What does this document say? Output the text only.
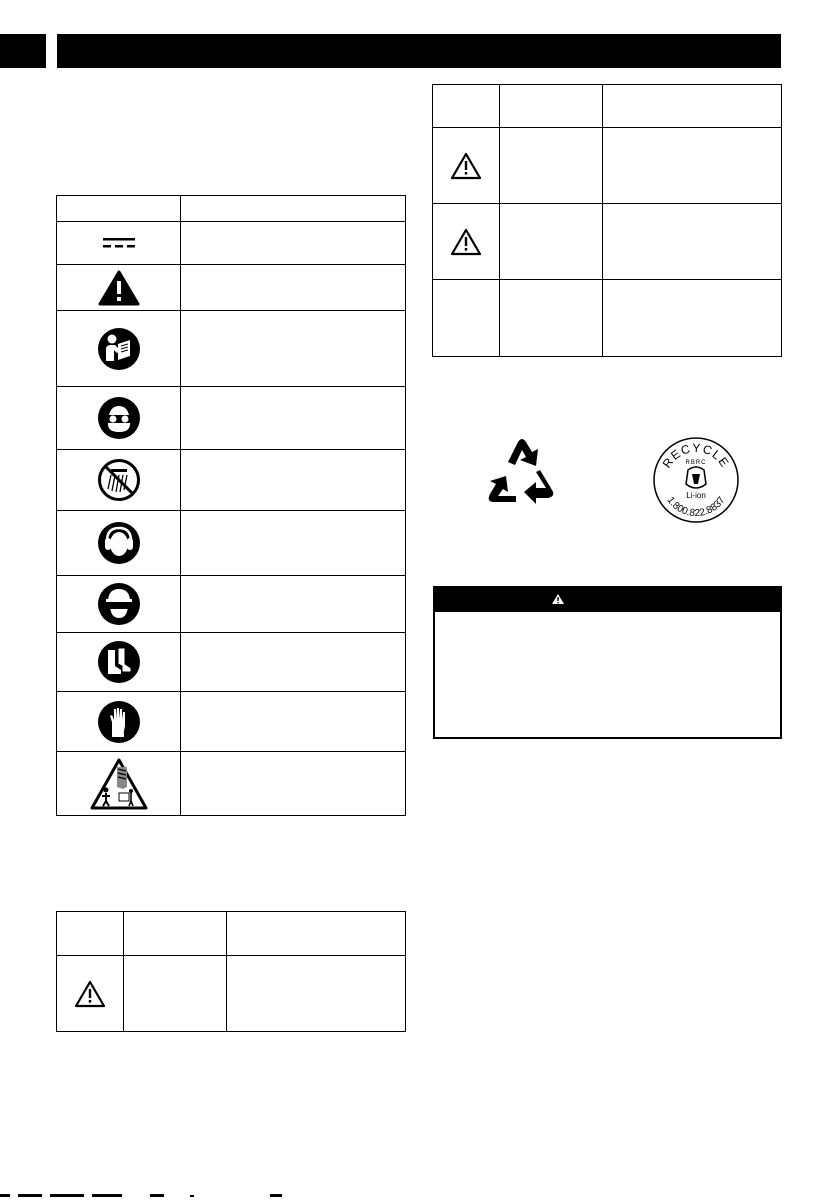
RECYCLE
RBRC
Li-ion
1.800.822.8837
